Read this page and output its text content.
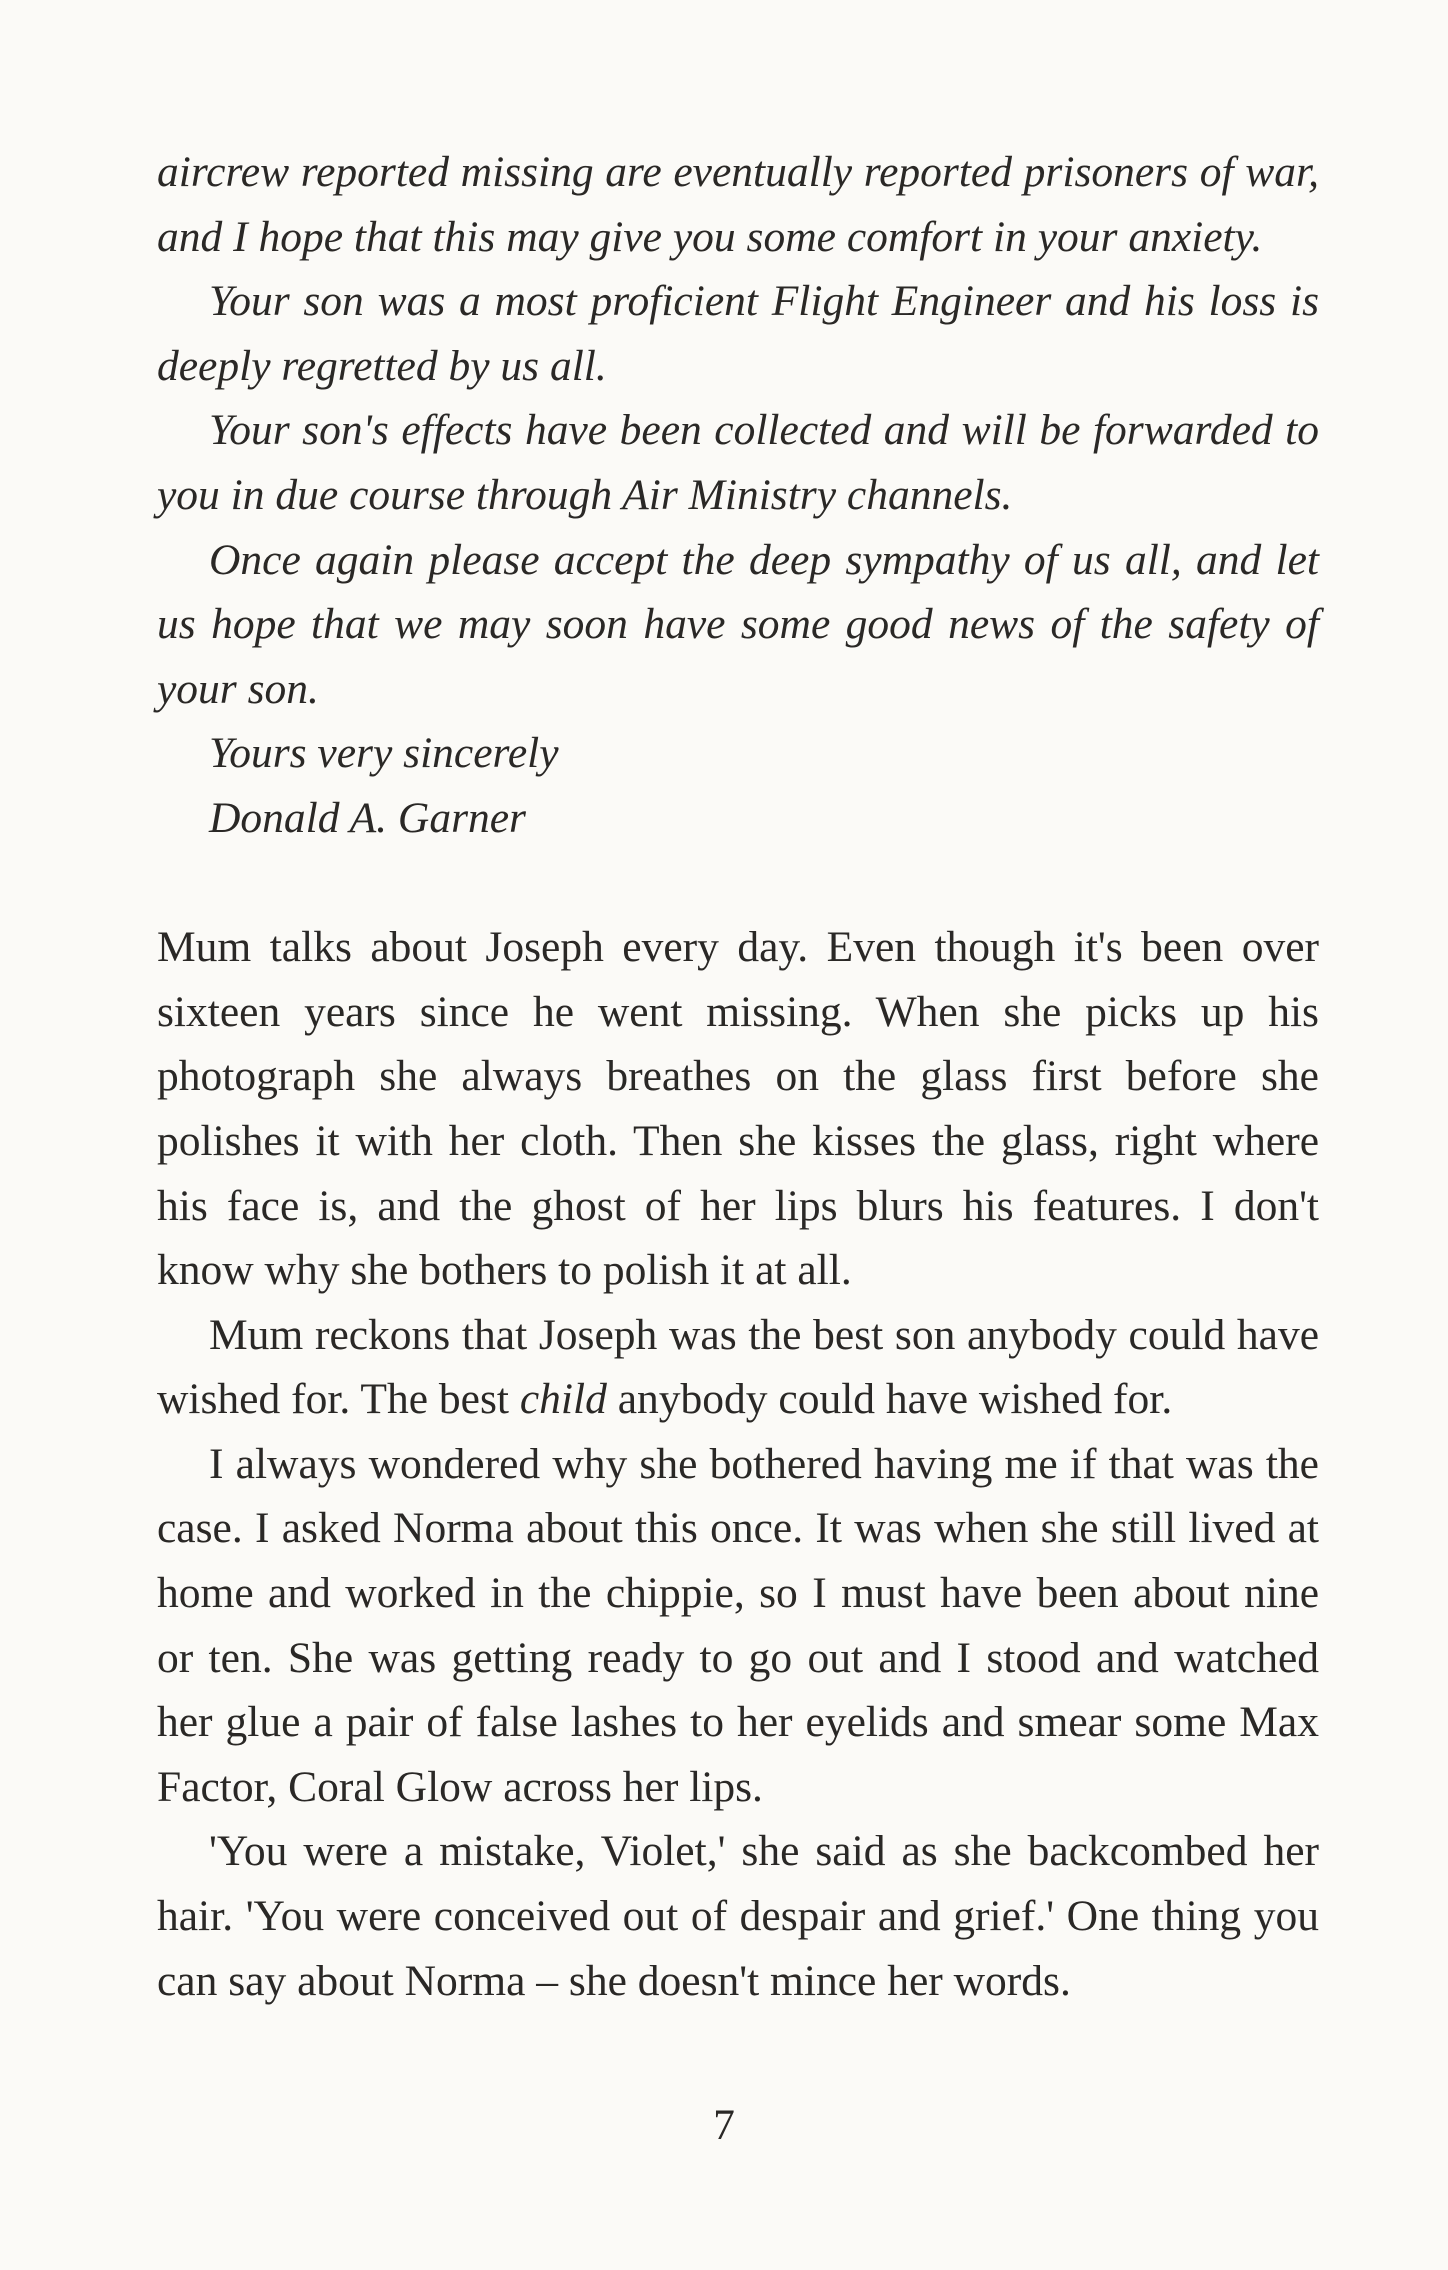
aircrew reported missing are eventually reported prisoners of war, and I hope that this may give you some comfort in your anxiety.

Your son was a most proficient Flight Engineer and his loss is deeply regretted by us all.

Your son's effects have been collected and will be forwarded to you in due course through Air Ministry channels.

Once again please accept the deep sympathy of us all, and let us hope that we may soon have some good news of the safety of your son.

Yours very sincerely

Donald A. Garner

Mum talks about Joseph every day. Even though it's been over sixteen years since he went missing. When she picks up his photograph she always breathes on the glass first before she polishes it with her cloth. Then she kisses the glass, right where his face is, and the ghost of her lips blurs his features. I don't know why she bothers to polish it at all.

Mum reckons that Joseph was the best son anybody could have wished for. The best child anybody could have wished for.

I always wondered why she bothered having me if that was the case. I asked Norma about this once. It was when she still lived at home and worked in the chippie, so I must have been about nine or ten. She was getting ready to go out and I stood and watched her glue a pair of false lashes to her eyelids and smear some Max Factor, Coral Glow across her lips.

'You were a mistake, Violet,' she said as she backcombed her hair. 'You were conceived out of despair and grief.' One thing you can say about Norma – she doesn't mince her words.

7
